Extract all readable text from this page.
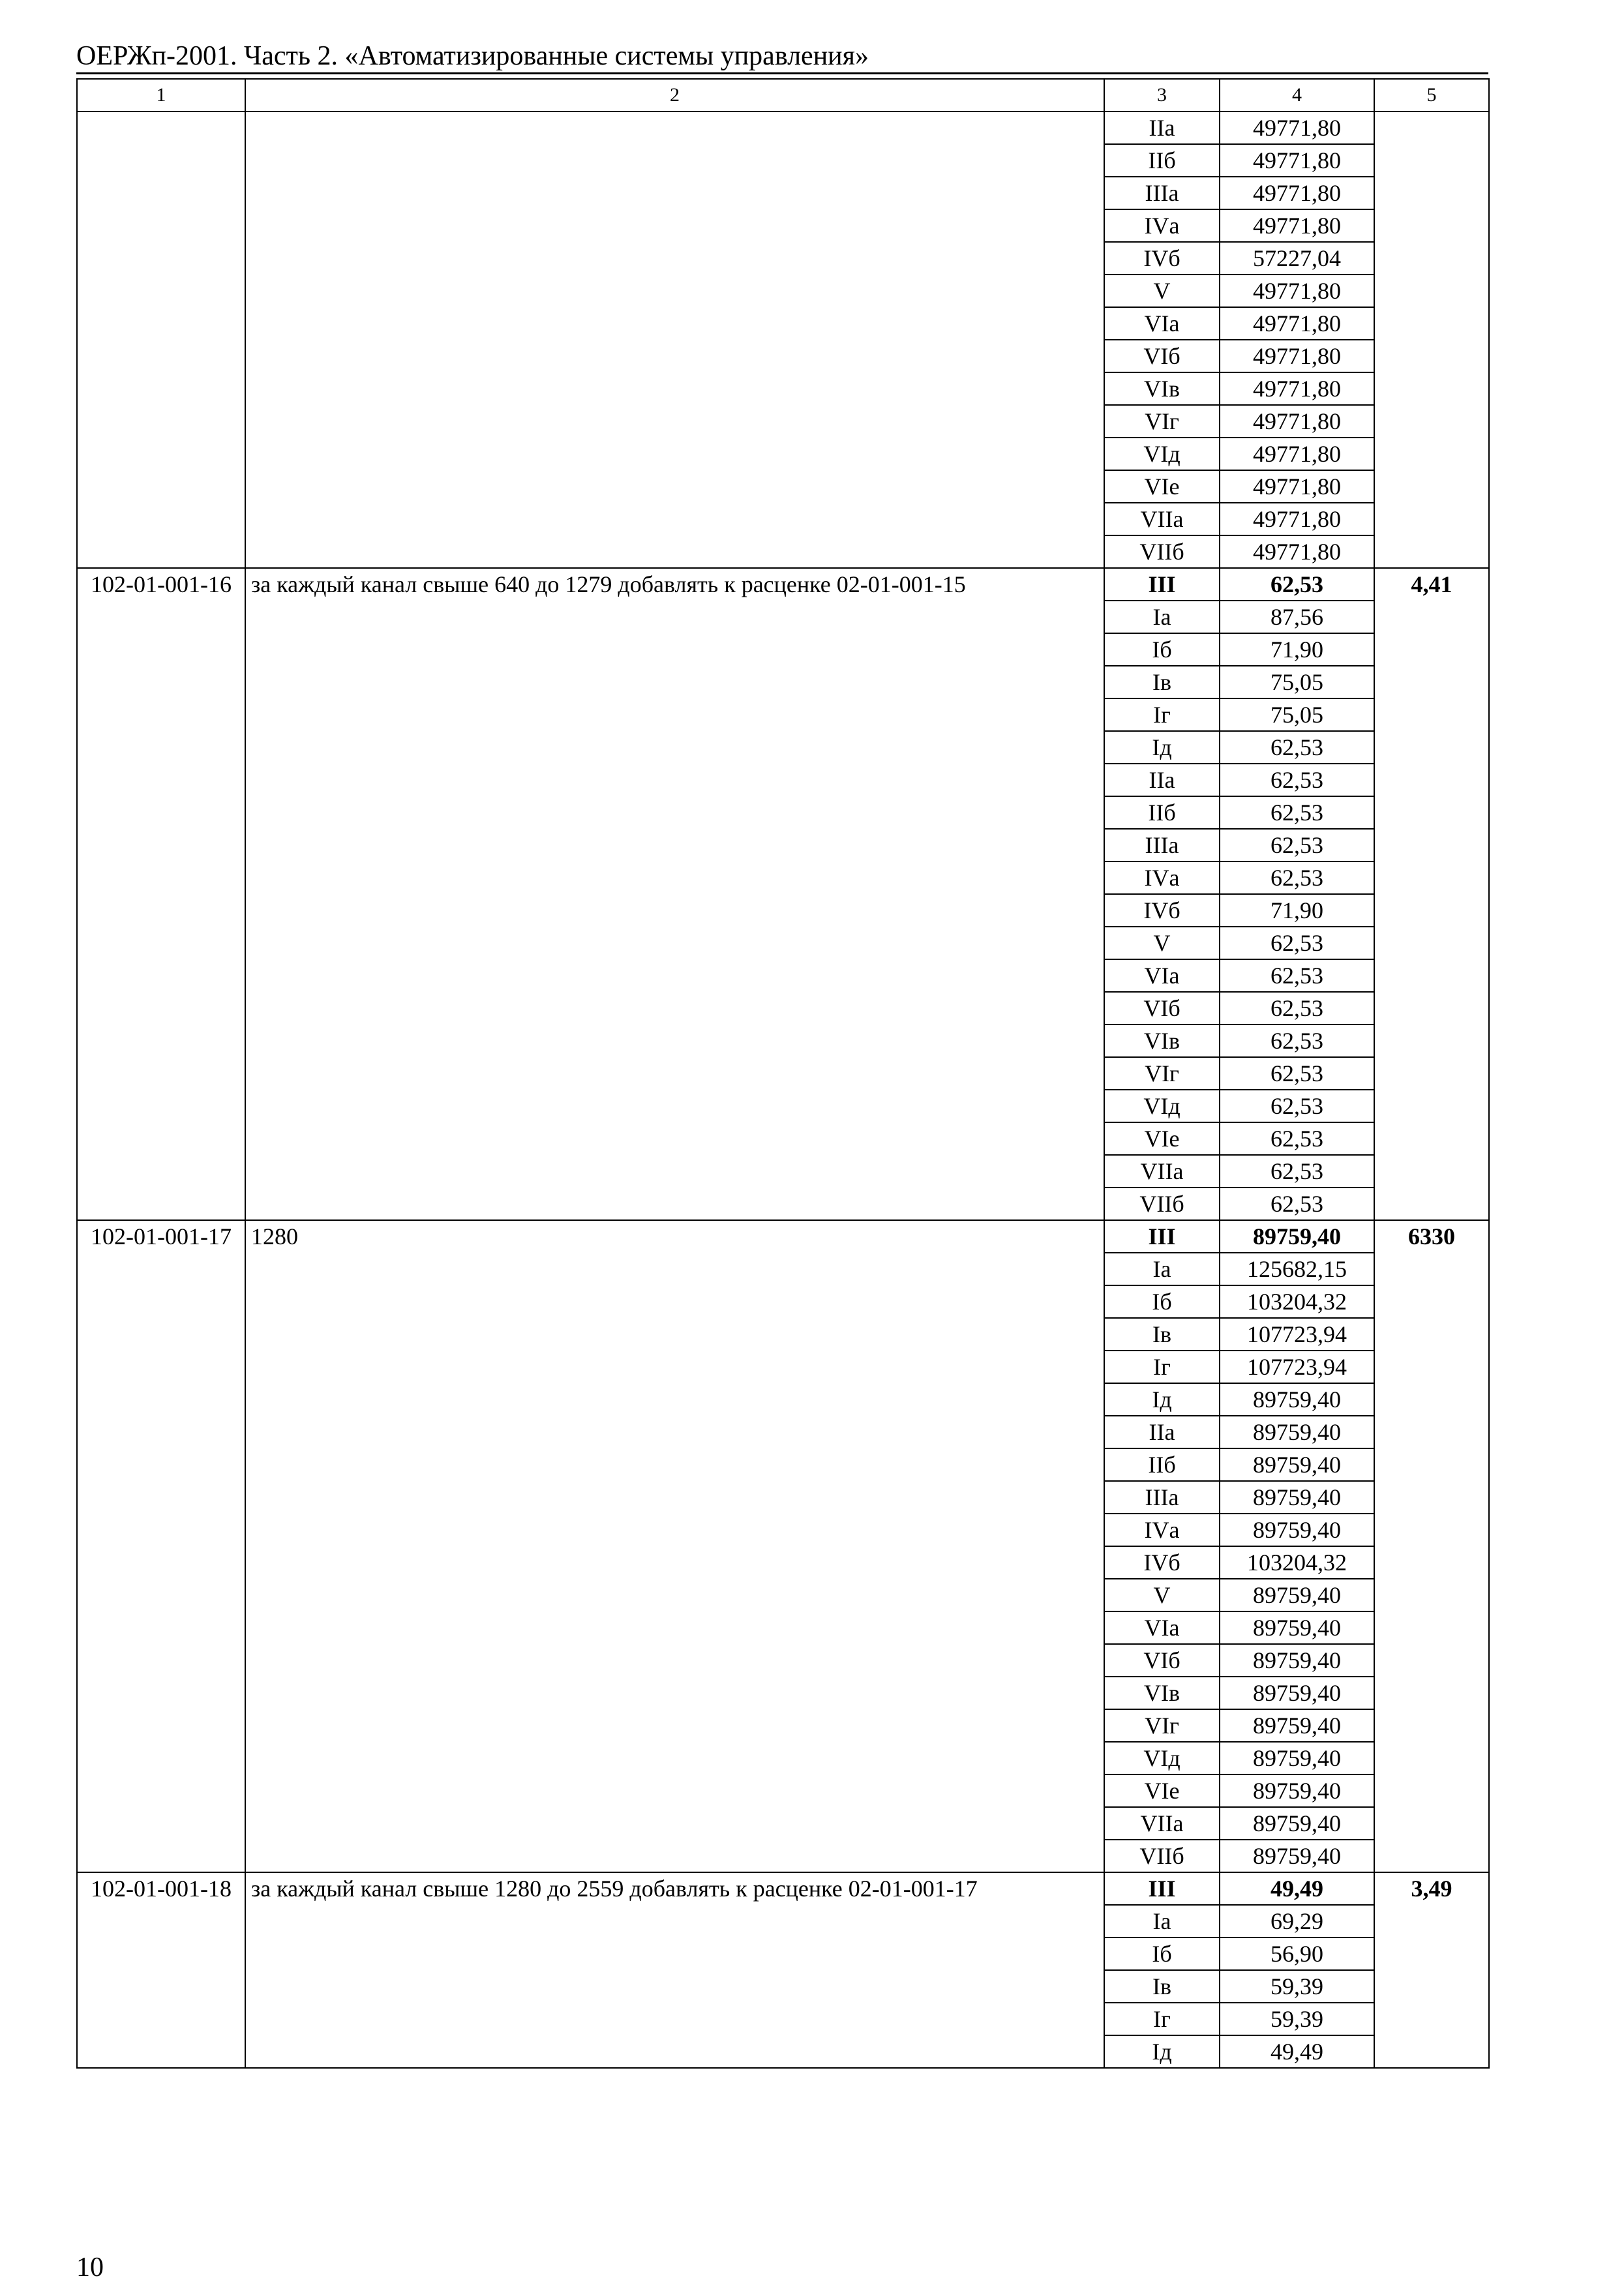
ОЕРЖп-2001. Часть 2. «Автоматизированные системы управления»
1	2	3	4	5
		IIа	49771,80	
		IIб	49771,80	
		IIIа	49771,80	
		IVа	49771,80	
		IVб	57227,04	
		V	49771,80	
		VIа	49771,80	
		VIб	49771,80	
		VIв	49771,80	
		VIг	49771,80	
		VIд	49771,80	
		VIе	49771,80	
		VIIа	49771,80	
		VIIб	49771,80	
102-01-001-16	за каждый канал свыше 640 до 1279 добавлять к расценке 02-01-001-15	III	62,53	4,41
		Iа	87,56	
		Iб	71,90	
		Iв	75,05	
		Iг	75,05	
		Iд	62,53	
		IIа	62,53	
		IIб	62,53	
		IIIа	62,53	
		IVа	62,53	
		IVб	71,90	
		V	62,53	
		VIа	62,53	
		VIб	62,53	
		VIв	62,53	
		VIг	62,53	
		VIд	62,53	
		VIе	62,53	
		VIIа	62,53	
		VIIб	62,53	
102-01-001-17	1280	III	89759,40	6330
		Iа	125682,15	
		Iб	103204,32	
		Iв	107723,94	
		Iг	107723,94	
		Iд	89759,40	
		IIа	89759,40	
		IIб	89759,40	
		IIIа	89759,40	
		IVа	89759,40	
		IVб	103204,32	
		V	89759,40	
		VIа	89759,40	
		VIб	89759,40	
		VIв	89759,40	
		VIг	89759,40	
		VIд	89759,40	
		VIе	89759,40	
		VIIа	89759,40	
		VIIб	89759,40	
102-01-001-18	за каждый канал свыше 1280 до 2559 добавлять к расценке 02-01-001-17	III	49,49	3,49
		Iа	69,29	
		Iб	56,90	
		Iв	59,39	
		Iг	59,39	
		Iд	49,49	
10
